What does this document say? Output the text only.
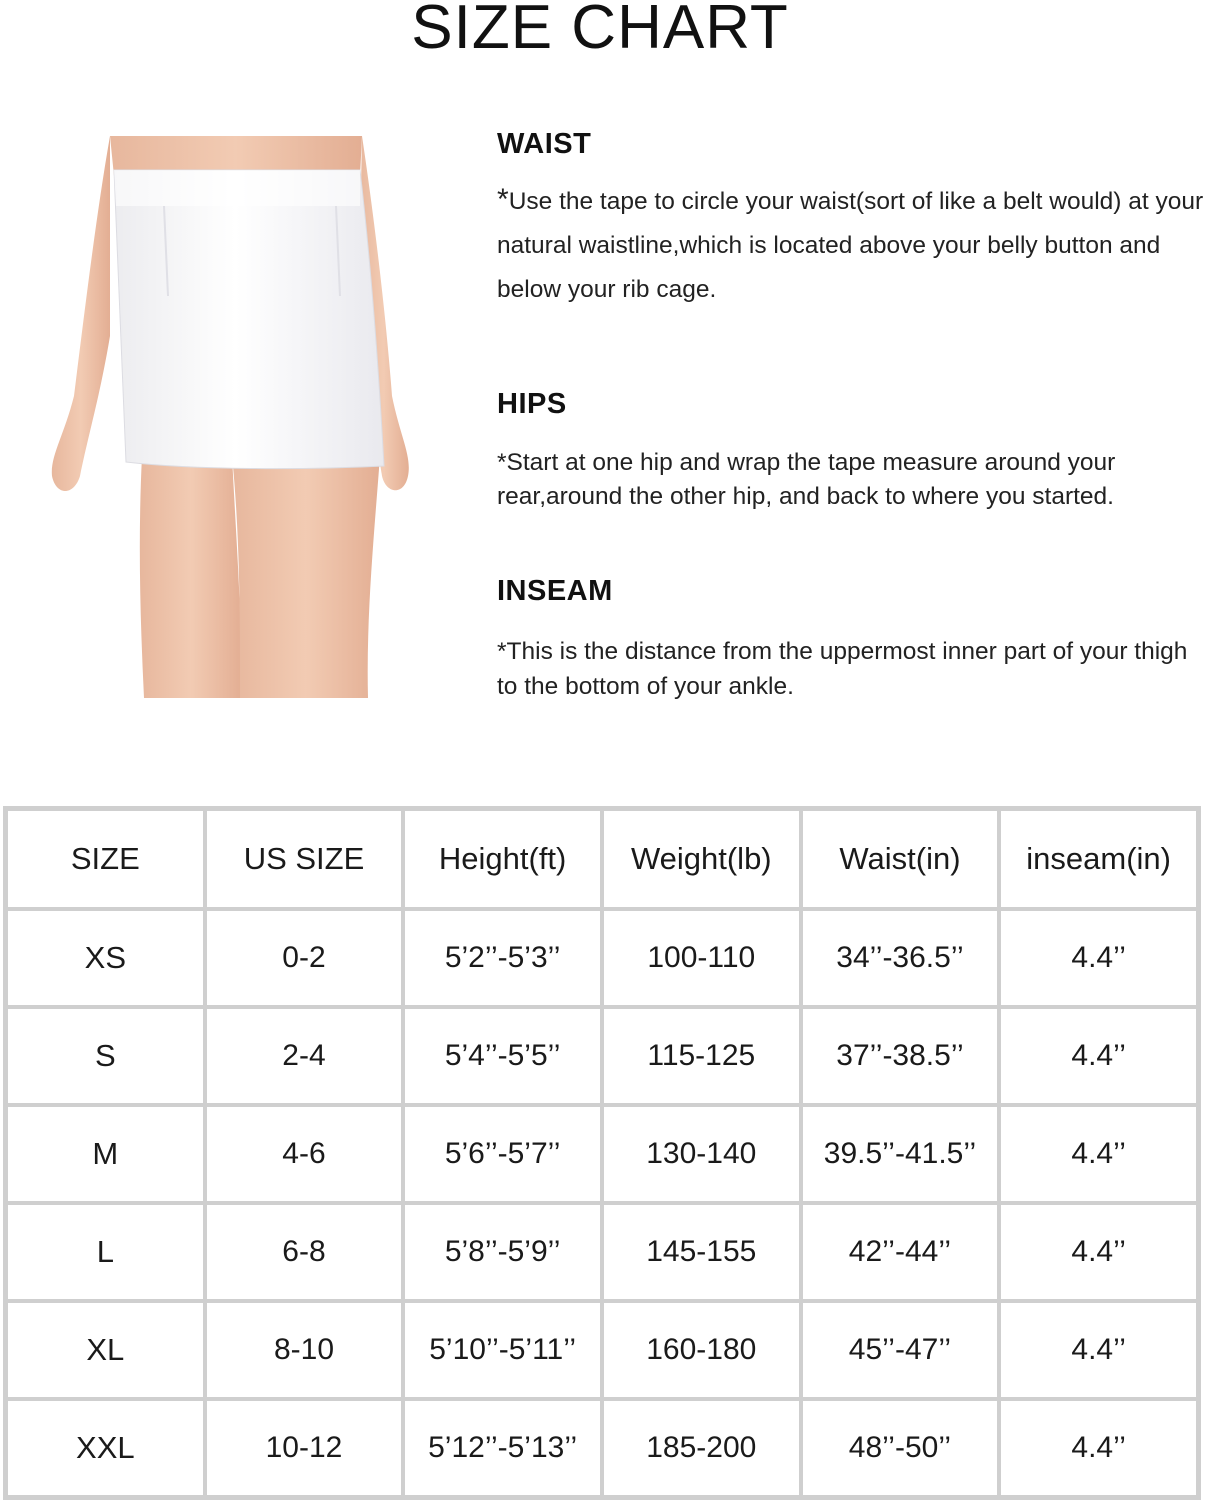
SIZE CHART
WAIST

*Use the tape to circle your waist(sort of like a belt would) at your natural waistline,which is located above your belly button and below your rib cage.

HIPS

*Start at one hip and wrap the tape measure around your rear,around the other hip, and back to where you started.

INSEAM

*This is the distance from the uppermost inner part of your thigh to the bottom of your ankle.

SIZE	US SIZE	Height(ft)	Weight(lb)	Waist(in)	inseam(in)
XS	0-2	5’2’’-5’3’’	100-110	34’’-36.5’’	4.4’’
S	2-4	5’4’’-5’5’’	115-125	37’’-38.5’’	4.4’’
M	4-6	5’6’’-5’7’’	130-140	39.5’’-41.5’’	4.4’’
L	6-8	5’8’’-5’9’’	145-155	42’’-44’’	4.4’’
XL	8-10	5’10’’-5’11’’	160-180	45’’-47’’	4.4’’
XXL	10-12	5’12’’-5’13’’	185-200	48’’-50’’	4.4’’
